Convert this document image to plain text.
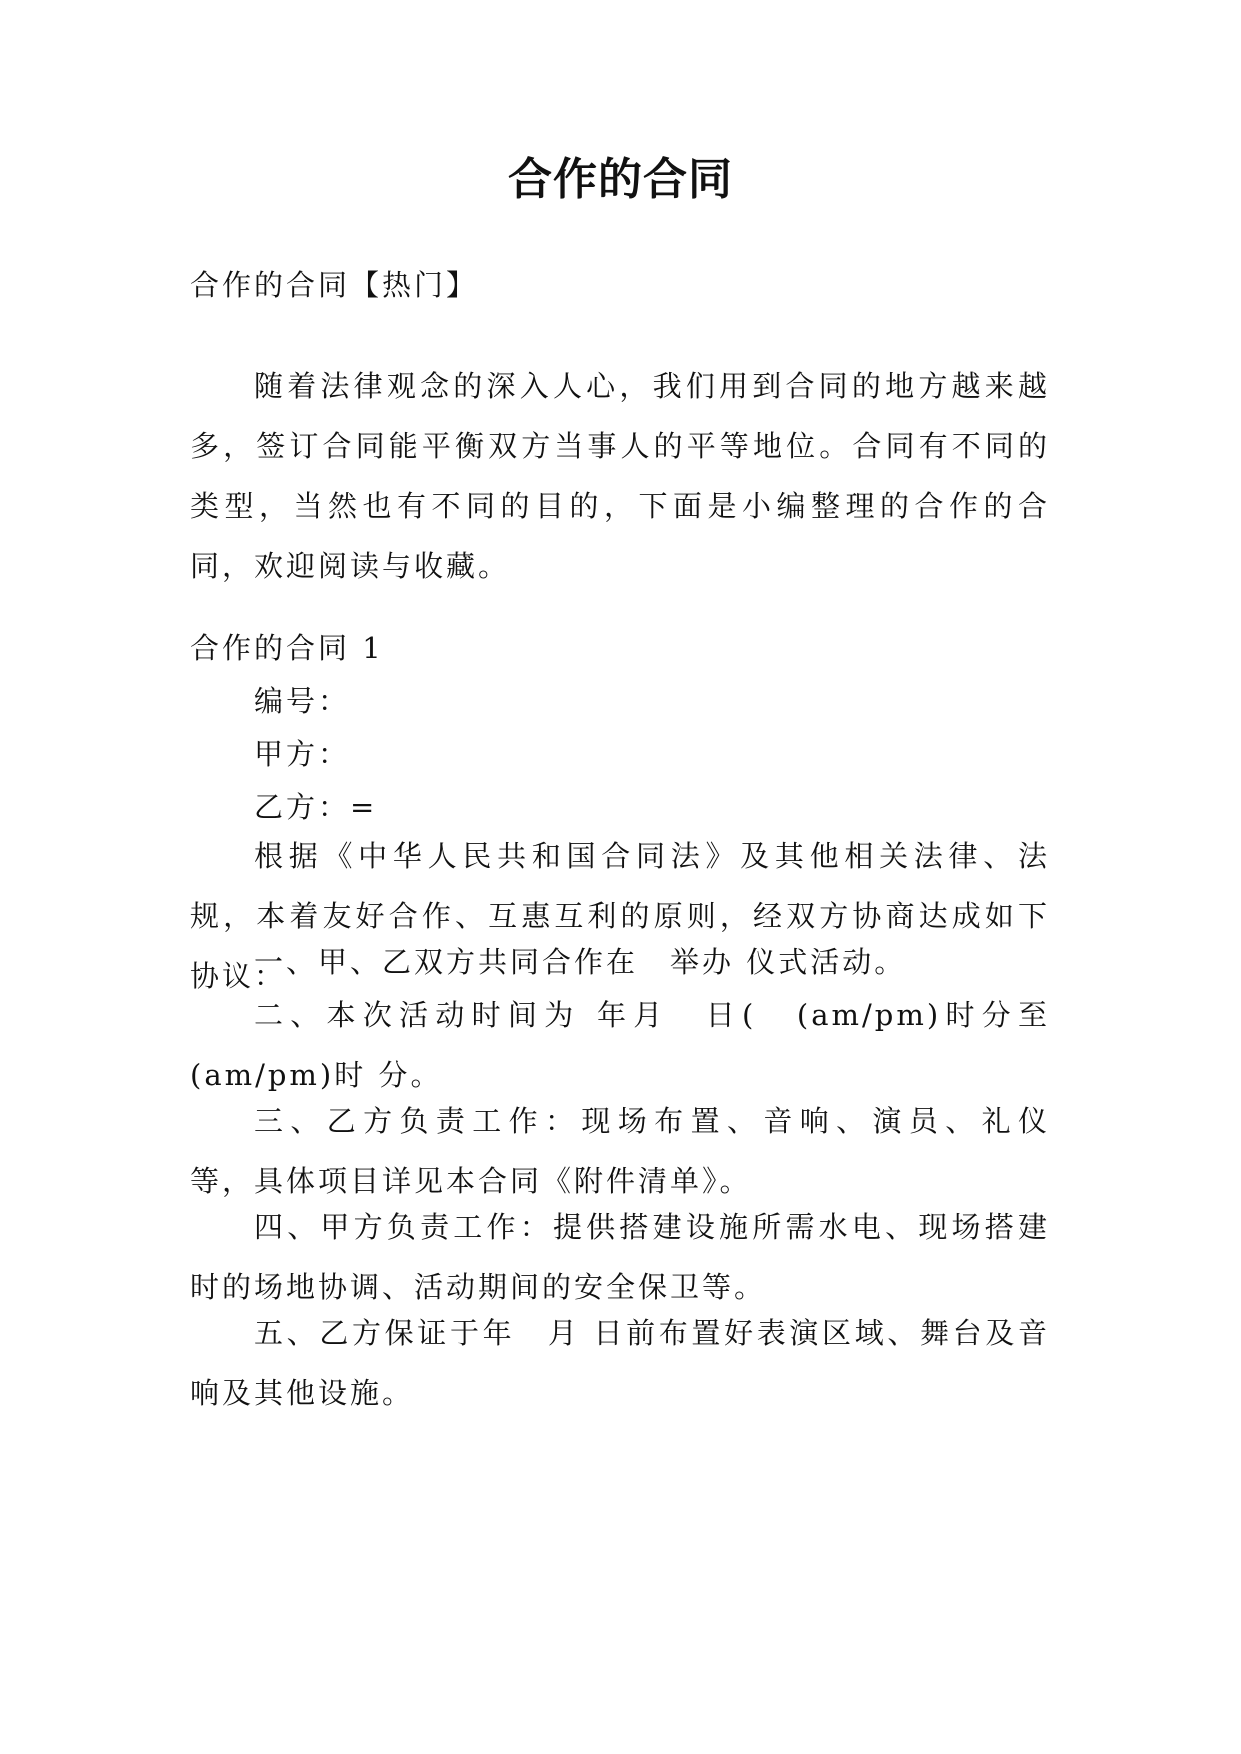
合作的合同

合作的合同【热门】

随着法律观念的深入人心，我们用到合同的地方越来越多，签订合同能平衡双方当事人的平等地位。合同有不同的类型，当然也有不同的目的，下面是小编整理的合作的合同，欢迎阅读与收藏。

合作的合同 1

编号：

甲方：

乙方：=

根据《中华人民共和国合同法》及其他相关法律、法规，本着友好合作、互惠互利的原则，经双方协商达成如下协议：

一、甲、乙双方共同合作在　举办 仪式活动。

二、本次活动时间为 年月　日(　(am/pm)时分至(am/pm)时 分。

三、乙方负责工作：现场布置、音响、演员、礼仪　等，具体项目详见本合同《附件清单》。

四、甲方负责工作：提供搭建设施所需水电、现场搭建时的场地协调、活动期间的安全保卫等。

五、乙方保证于年　月 日前布置好表演区域、舞台及音响及其他设施。
